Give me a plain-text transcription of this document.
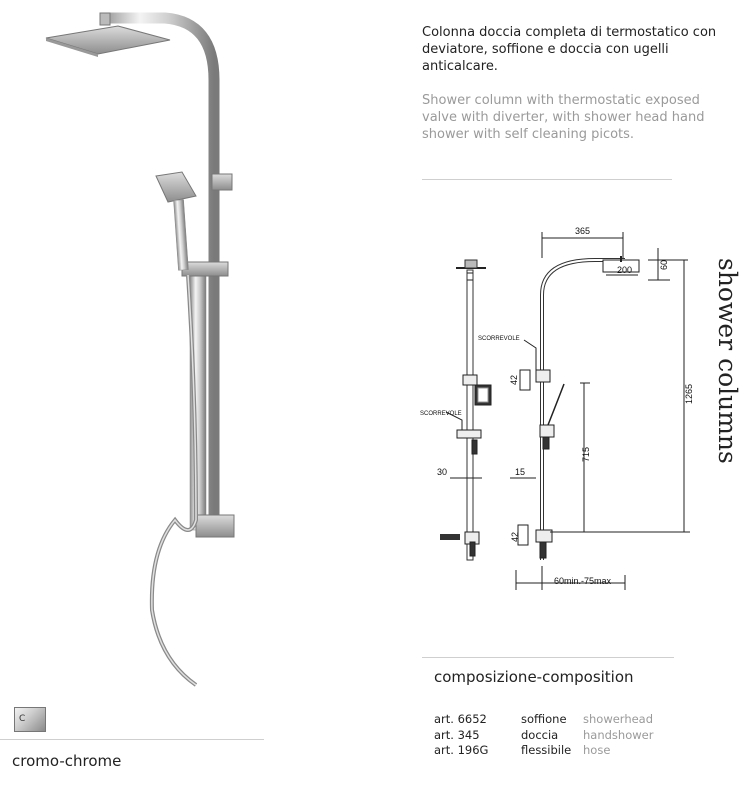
Colonna doccia completa di termostatico con deviatore, soffione e doccia con ugelli anticalcare.
Shower column with thermostatic exposed valve with diverter, with shower head hand shower with self cleaning picots.
365
60
200
1265
715
42
42
30	15
60min.-75max
SCORREVOLE
SCORREVOLE	shower columns
composizione-composition
art. 6652	soffione	showerhead
art. 345	doccia	handshower
art. 196G	flessibile	hose
C
cromo-chrome
